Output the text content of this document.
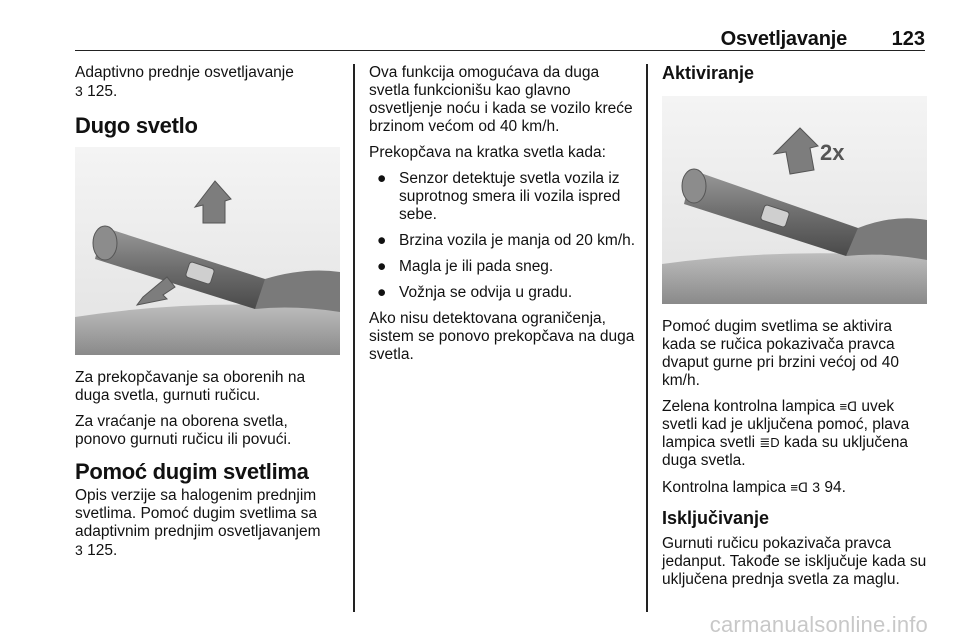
Osvetljavanje 123

Adaptivno prednje osvetljavanje
3 125.

Dugo svetlo

Za prekopčavanje sa oborenih na duga svetla, gurnuti ručicu.

Za vraćanje na oborena svetla, ponovo gurnuti ručicu ili povući.

Pomoć dugim svetlima

Opis verzije sa halogenim prednjim svetlima. Pomoć dugim svetlima sa adaptivnim prednjim osvetljavanjem
3 125.

Ova funkcija omogućava da duga svetla funkcionišu kao glavno osvetljenje noću i kada se vozilo kreće brzinom većom od 40 km/h.

Prekopčava na kratka svetla kada:

● Senzor detektuje svetla vozila iz suprotnog smera ili vozila ispred sebe.
● Brzina vozila je manja od 20 km/h.
● Magla je ili pada sneg.
● Vožnja se odvija u gradu.

Ako nisu detektovana ograničenja, sistem se ponovo prekopčava na duga svetla.

Aktiviranje
2x

Pomoć dugim svetlima se aktivira kada se ručica pokazivača pravca dvaput gurne pri brzini većoj od 40 km/h.

Zelena kontrolna lampica ≡ᗡ uvek svetli kad je uključena pomoć, plava lampica svetli ≣D kada su uključena duga svetla.

Kontrolna lampica ≡ᗡ 3 94.

Isključivanje

Gurnuti ručicu pokazivača pravca jedanput. Takođe se isključuje kada su uključena prednja svetla za maglu.

carmanualsonline.info
